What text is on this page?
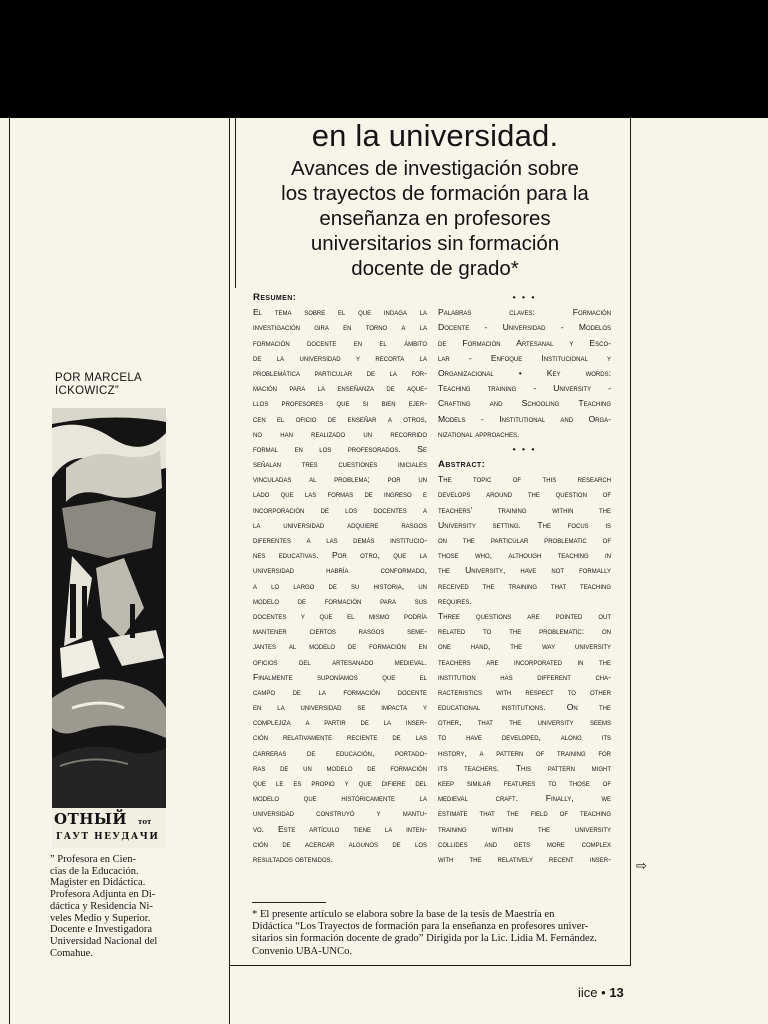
en la universidad.
Avances de investigación sobre
los trayectos de formación para la
enseñanza en profesores
universitarios sin formación
docente de grado*
POR MARCELA
ICKOWICZ”
ОТНЫЙ тот
ГАУТ НЕУДАЧИ
” Profesora en Cien-
cias de la Educación.
Magister en Didáctica.
Profesora Adjunta en Di-
dáctica y Residencia Ni-
veles Medio y Superior.
Docente e Investigadora
Universidad Nacional del
Comahue.
Resumen:
El tema sobre el que indaga la
investigación gira en torno a la
formación docente en el ámbito
de la universidad y recorta la
problemática particular de la for-
mación para la enseñanza de aque-
llos profesores que si bien ejer-
cen el oficio de enseñar a otros,
no han realizado un recorrido
formal en los profesorados. Se
señalan tres cuestiones iniciales
vinculadas al problema; por un
lado que las formas de ingreso e
incorporación de los docentes a
la universidad adquiere rasgos
diferentes a las demás institucio-
nes educativas. Por otro, que la
universidad habría conformado,
a lo largo de su historia, un
modelo de formación para sus
docentes y que el mismo podría
mantener ciertos rasgos seme-
jantes al modelo de formación en
oficios del artesanado medieval.
Finalmente suponíamos que el
campo de la formación docente
en la universidad se impacta y
complejiza a partir de la inser-
ción relativamente reciente de las
carreras de educación, portado-
ras de un modelo de formación
que le es propio y que difiere del
modelo que históricamente la
universidad construyó y mantu-
vo. Este artículo tiene la inten-
ción de acercar algunos de los
resultados obtenidos.
• • •
Palabras claves: Formación
Docente - Universidad - Modelos
de Formación Artesanal y Esco-
lar - Enfoque Institucional y
Organizacional • Key words:
Teaching training - University -
Crafting and Schooling Teaching
Models - Institutional and Orga-
nizational approaches.
• • •
Abstract:
The topic of this research
develops around the question of
teachers' training within the
University setting. The focus is
on the particular problematic of
those who, although teaching in
the University, have not formally
received the training that teaching
requires.
Three questions are pointed out
related to the problematic: on
one hand, the way university
teachers are incorporated in the
institution has different cha-
racteristics with respect to other
educational institutions. On the
other, that the university seems
to have developed, along its
history, a pattern of training for
its teachers. This pattern might
keep similar features to those of
medieval craft. Finally, we
estimate that the field of teaching
training within the university
collides and gets more complex
with the relatively recent inser- ⇨
* El presente artículo se elabora sobre la base de la tesis de Maestría en
Didáctica “Los Trayectos de formación para la enseñanza en profesores univer-
sitarios sin formación docente de grado” Dirigida por la Lic. Lidia M. Fernández.
Convenio UBA-UNCo.
iice • 13
